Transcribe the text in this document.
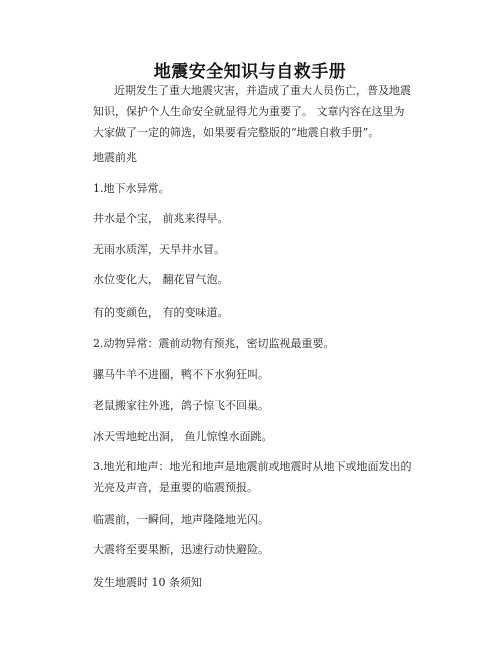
地震安全知识与自救手册

近期发生了重大地震灾害，并造成了重大人员伤亡，普及地震知识，保护个人生命安全就显得尤为重要了。 文章内容在这里为大家做了一定的筛选，如果要看完整版的“地震自救手册”。

地震前兆
1.地下水异常。
井水是个宝， 前兆来得早。
无雨水质浑，天旱井水冒。
水位变化大， 翻花冒气泡。
有的变颜色， 有的变味道。
2.动物异常：震前动物有预兆，密切监视最重要。
骡马牛羊不进圈，鸭不下水狗狂叫。
老鼠搬家往外逃，鸽子惊飞不回巢。
冰天雪地蛇出洞， 鱼儿惊惶水面跳。

3.地光和地声：地光和地声是地震前或地震时从地下或地面发出的光亮及声音，是重要的临震预报。

临震前，一瞬间，地声隆隆地光闪。
大震将至要果断，迅速行动快避险。
发生地震时 10 条须知
